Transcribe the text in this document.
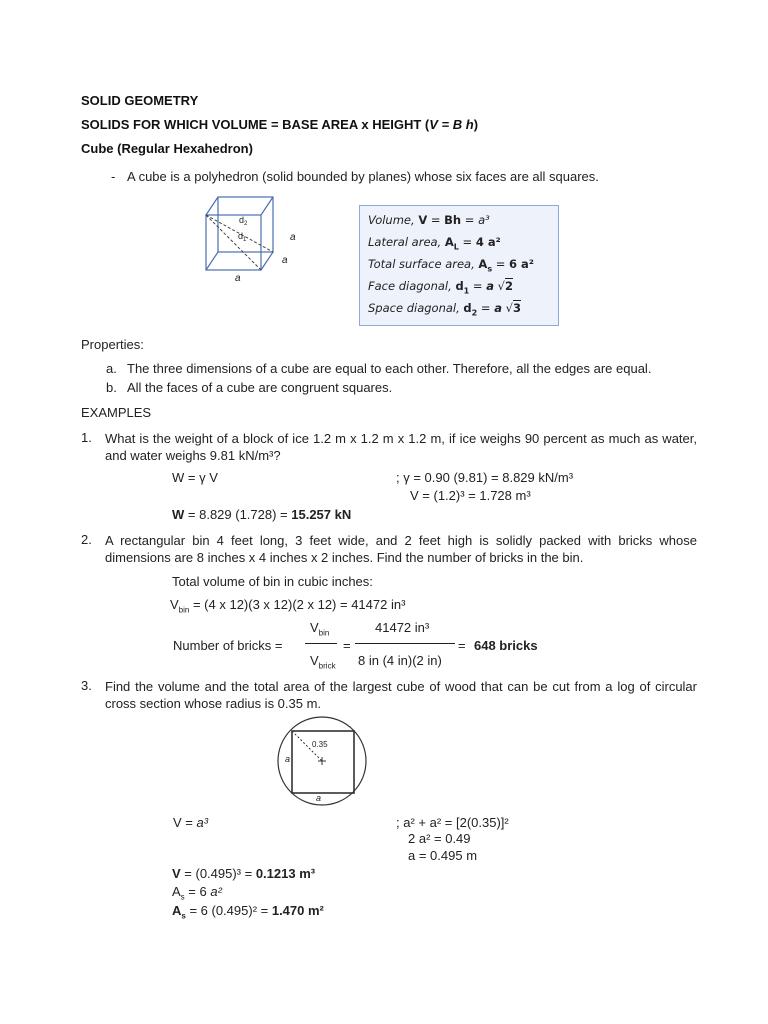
SOLID GEOMETRY
SOLIDS FOR WHICH VOLUME = BASE AREA x HEIGHT (V = B h)
Cube (Regular Hexahedron)
- A cube is a polyhedron (solid bounded by planes) whose six faces are all squares.
$d_2$
$d_1$	a
a
a
Volume, V = Bh = a³
Lateral area, $A_L = 4$ a²
Total surface area, $A_s = 6$ a²
Face diagonal, $d_1 = a$ √2
Space diagonal, $d_2 = a$ √3
Properties:
a. The three dimensions of a cube are equal to each other. Therefore, all the edges are equal.
b. All the faces of a cube are congruent squares.
EXAMPLES
1. What is the weight of a block of ice 1.2 m x 1.2 m x 1.2 m, if ice weighs 90 percent as much as water, and water weighs 9.81 kN/m³?
W = γ V	; γ = 0.90 (9.81) = 8.829 kN/m³
V = (1.2)³ = 1.728 m³
W = 8.829 (1.728) = 15.257 kN
2. A rectangular bin 4 feet long, 3 feet wide, and 2 feet high is solidly packed with bricks whose dimensions are 8 inches x 4 inches x 2 inches. Find the number of bricks in the bin.
Total volume of bin in cubic inches:
$V_{bin} = (4$ x 12)(3 x 12)(2 x 12) = 41472 in³
Number of bricks =
$V_{bin}$
$V_{brick}$
=
41472 in³
8 in (4 in)(2 in)
= 648 bricks
3. Find the volume and the total area of the largest cube of wood that can be cut from a log of circular cross section whose radius is 0.35 m.
0.35
a
a
V = a³	; a² + a² = [2(0.35)]²
2 a² = 0.49
a = 0.495 m
V = (0.495)³ = 0.1213 m³
$A_s = 6$ a²
$A_s = 6$ (0.495)² = 1.470 m²
